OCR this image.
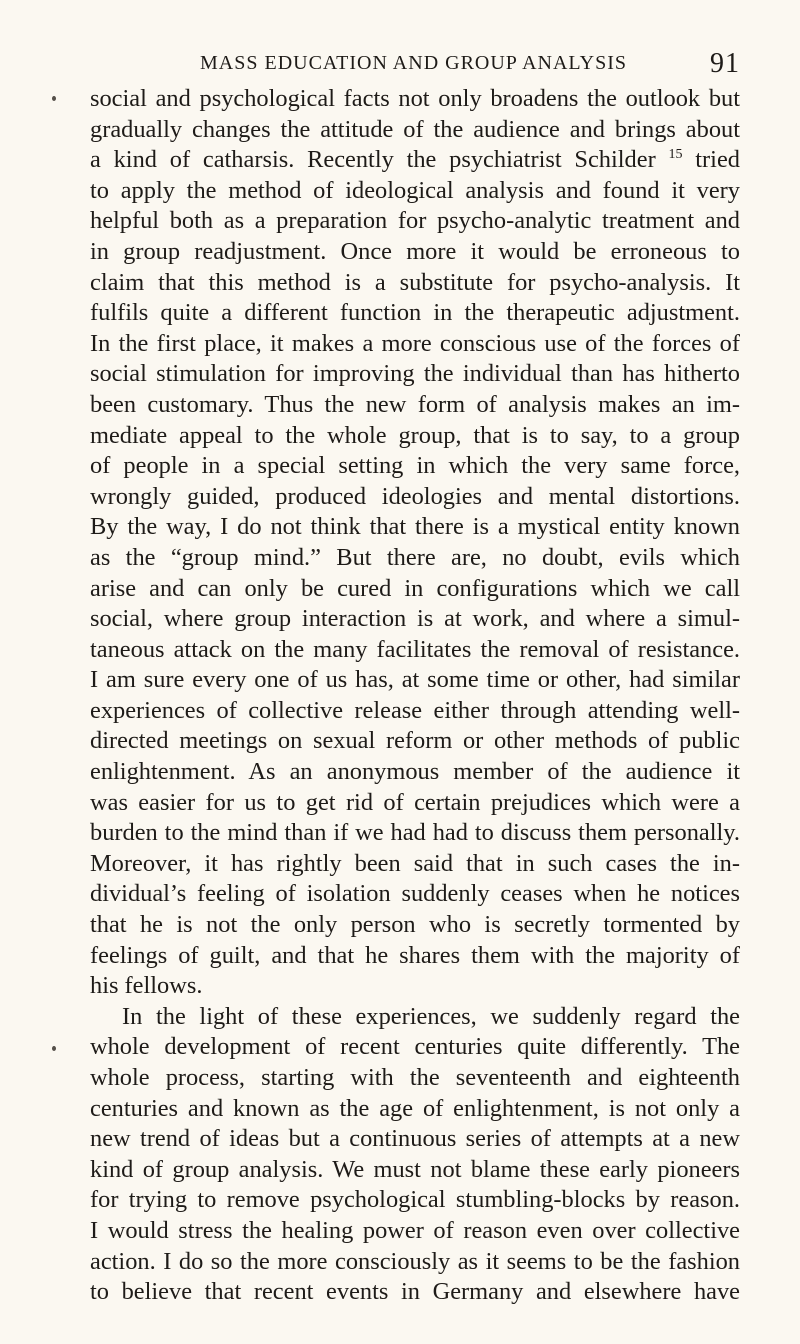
MASS EDUCATION AND GROUP ANALYSIS	91
social and psychological facts not only broadens the outlook but
gradually changes the attitude of the audience and brings about
a kind of catharsis. Recently the psychiatrist Schilder $^{15}$ tried
to apply the method of ideological analysis and found it very
helpful both as a preparation for psycho-analytic treatment and
in group readjustment. Once more it would be erroneous to
claim that this method is a substitute for psycho-analysis. It
fulfils quite a different function in the therapeutic adjustment.
In the first place, it makes a more conscious use of the forces of
social stimulation for improving the individual than has hitherto
been customary. Thus the new form of analysis makes an im-
mediate appeal to the whole group, that is to say, to a group
of people in a special setting in which the very same force,
wrongly guided, produced ideologies and mental distortions.
By the way, I do not think that there is a mystical entity known
as the “group mind.” But there are, no doubt, evils which
arise and can only be cured in configurations which we call
social, where group interaction is at work, and where a simul-
taneous attack on the many facilitates the removal of resistance.
I am sure every one of us has, at some time or other, had similar
experiences of collective release either through attending well-
directed meetings on sexual reform or other methods of public
enlightenment. As an anonymous member of the audience it
was easier for us to get rid of certain prejudices which were a
burden to the mind than if we had had to discuss them personally.
Moreover, it has rightly been said that in such cases the in-
dividual’s feeling of isolation suddenly ceases when he notices
that he is not the only person who is secretly tormented by
feelings of guilt, and that he shares them with the majority of
his fellows.
In the light of these experiences, we suddenly regard the
whole development of recent centuries quite differently. The
whole process, starting with the seventeenth and eighteenth
centuries and known as the age of enlightenment, is not only a
new trend of ideas but a continuous series of attempts at a new
kind of group analysis. We must not blame these early pioneers
for trying to remove psychological stumbling-blocks by reason.
I would stress the healing power of reason even over collective
action. I do so the more consciously as it seems to be the fashion
to believe that recent events in Germany and elsewhere have
